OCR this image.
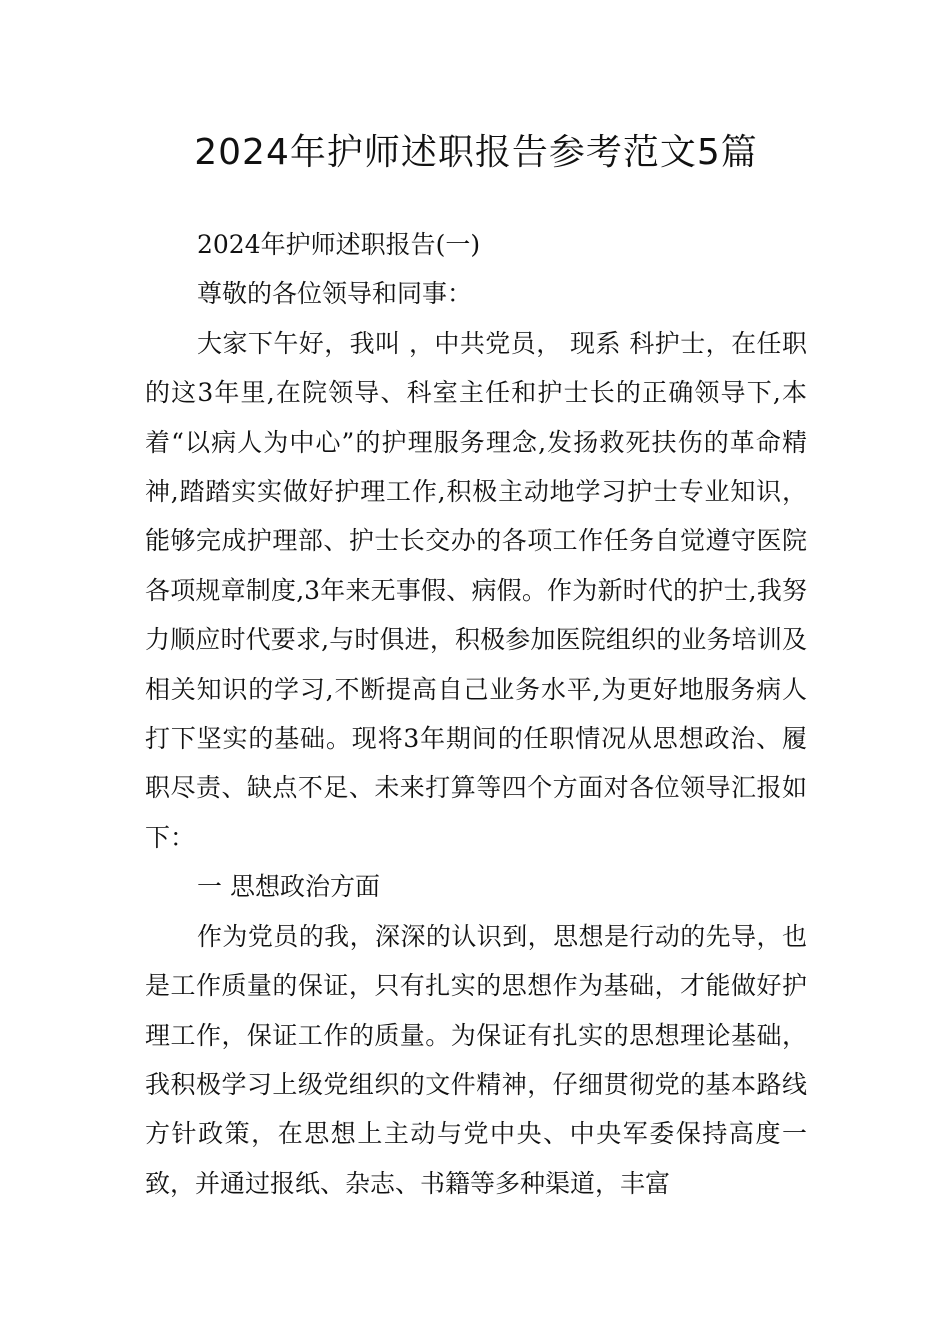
2024年护师述职报告参考范文5篇

2024年护师述职报告(一)

尊敬的各位领导和同事：

大家下午好，我叫 ，中共党员， 现系 科护士，在任职的这3年里,在院领导、科室主任和护士长的正确领导下,本着“以病人为中心”的护理服务理念,发扬救死扶伤的革命精神,踏踏实实做好护理工作,积极主动地学习护士专业知识，能够完成护理部、护士长交办的各项工作任务自觉遵守医院各项规章制度,3年来无事假、病假。作为新时代的护士,我努力顺应时代要求,与时俱进，积极参加医院组织的业务培训及相关知识的学习,不断提高自己业务水平,为更好地服务病人打下坚实的基础。现将3年期间的任职情况从思想政治、履职尽责、缺点不足、未来打算等四个方面对各位领导汇报如下：

一 思想政治方面

作为党员的我，深深的认识到，思想是行动的先导，也是工作质量的保证，只有扎实的思想作为基础，才能做好护理工作，保证工作的质量。为保证有扎实的思想理论基础，我积极学习上级党组织的文件精神，仔细贯彻党的基本路线方针政策，在思想上主动与党中央、中央军委保持高度一致，并通过报纸、杂志、书籍等多种渠道，丰富
